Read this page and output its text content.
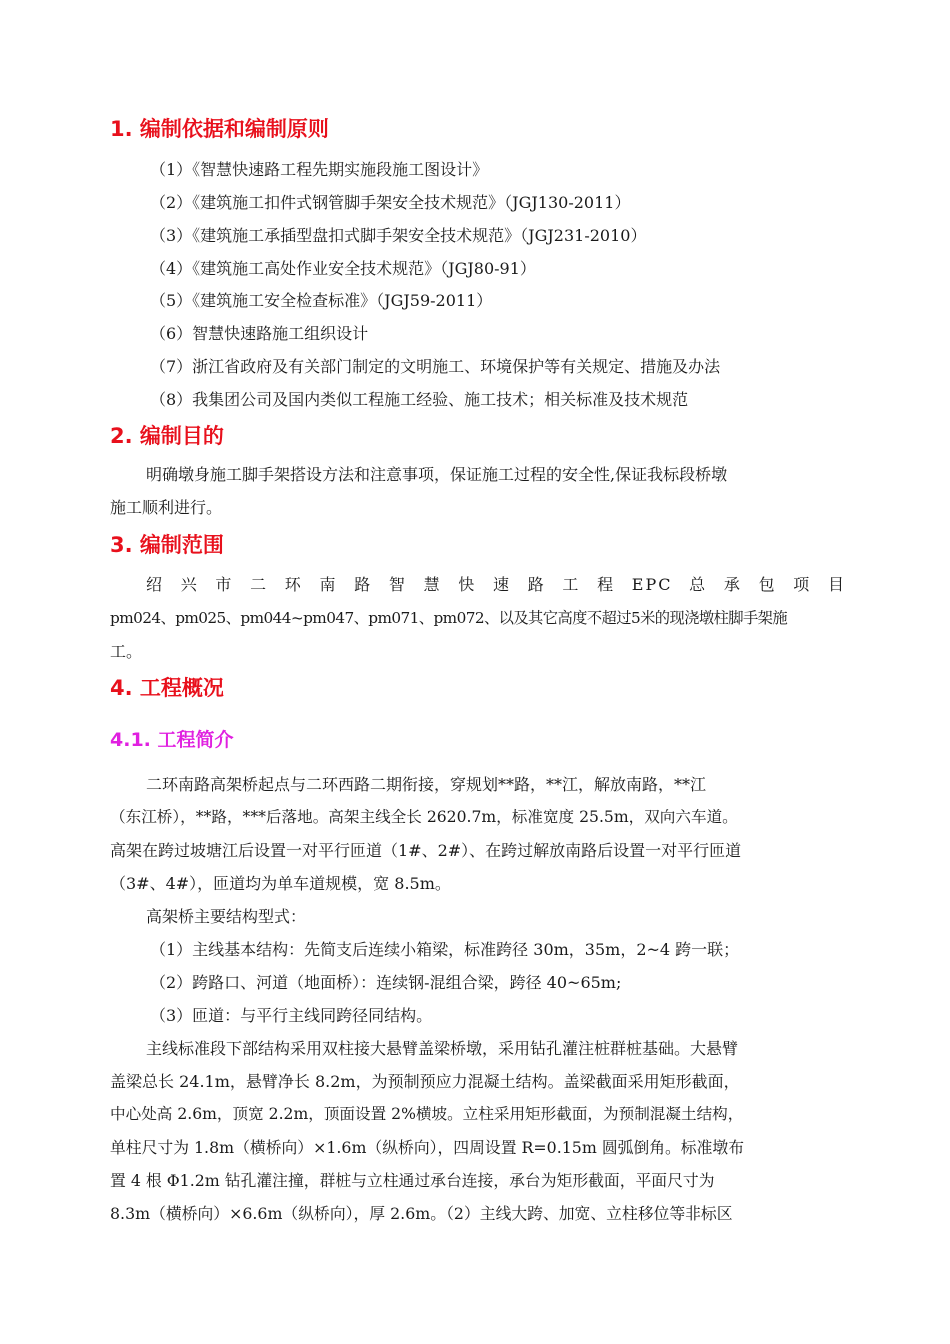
1. 编制依据和编制原则
（1）《智慧快速路工程先期实施段施工图设计》
（2）《建筑施工扣件式钢管脚手架安全技术规范》（JGJ130-2011）
（3）《建筑施工承插型盘扣式脚手架安全技术规范》（JGJ231-2010）
（4）《建筑施工高处作业安全技术规范》（JGJ80-91）
（5）《建筑施工安全检查标准》（JGJ59-2011）
（6）智慧快速路施工组织设计
（7）浙江省政府及有关部门制定的文明施工、环境保护等有关规定、措施及办法
（8）我集团公司及国内类似工程施工经验、施工技术；相关标准及技术规范
2. 编制目的
明确墩身施工脚手架搭设方法和注意事项，保证施工过程的安全性,保证我标段桥墩
施工顺利进行。
3. 编制范围
绍兴市二环南路智慧快速路工程EPC总承包项目
pm024、pm025、pm044~pm047、pm071、pm072、以及其它高度不超过5米的现浇墩柱脚手架施
工。
4. 工程概况
4.1. 工程简介
二环南路高架桥起点与二环西路二期衔接，穿规划**路，**江，解放南路，**江
（东江桥），**路，***后落地。高架主线全长 2620.7m，标准宽度 25.5m，双向六车道。
高架在跨过坡塘江后设置一对平行匝道（1#、2#）、在跨过解放南路后设置一对平行匝道
（3#、4#），匝道均为单车道规模，宽 8.5m。
高架桥主要结构型式：
（1）主线基本结构：先简支后连续小箱梁，标准跨径 30m，35m，2~4 跨一联；
（2）跨路口、河道（地面桥）：连续钢-混组合梁，跨径 40~65m;
（3）匝道：与平行主线同跨径同结构。
主线标准段下部结构采用双柱接大悬臂盖梁桥墩，采用钻孔灌注桩群桩基础。大悬臂
盖梁总长 24.1m，悬臂净长 8.2m，为预制预应力混凝土结构。盖梁截面采用矩形截面，
中心处高 2.6m，顶宽 2.2m，顶面设置 2%横坡。立柱采用矩形截面，为预制混凝土结构，
单柱尺寸为 1.8m（横桥向）×1.6m（纵桥向），四周设置 R=0.15m 圆弧倒角。标准墩布
置 4 根 Φ1.2m 钻孔灌注撞，群桩与立柱通过承台连接，承台为矩形截面，平面尺寸为
8.3m（横桥向）×6.6m（纵桥向），厚 2.6m。（2）主线大跨、加宽、立柱移位等非标区
